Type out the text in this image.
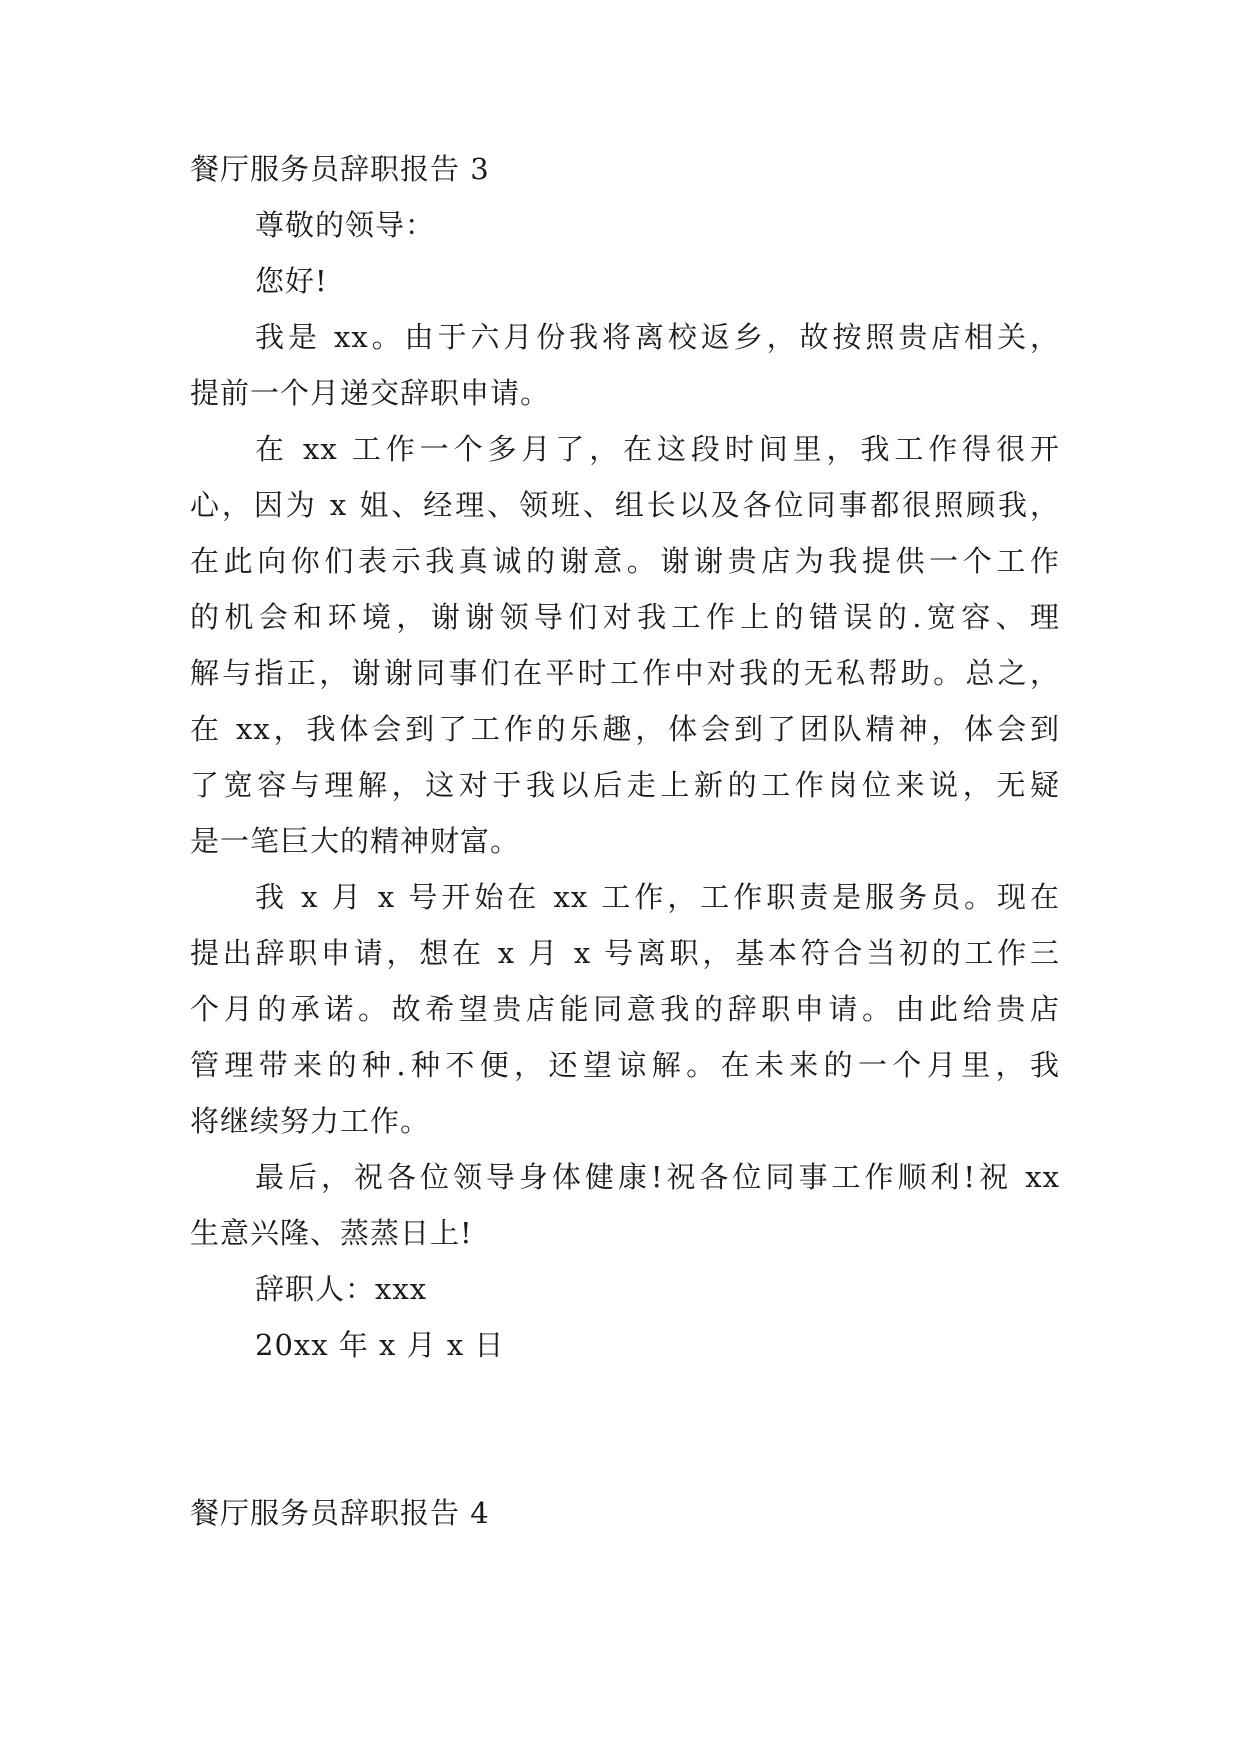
餐厅服务员辞职报告 3
尊敬的领导：
您好!
我是 xx。由于六月份我将离校返乡，故按照贵店相关，
提前一个月递交辞职申请。
在 xx 工作一个多月了，在这段时间里，我工作得很开
心，因为 x 姐、经理、领班、组长以及各位同事都很照顾我，
在此向你们表示我真诚的谢意。谢谢贵店为我提供一个工作
的机会和环境，谢谢领导们对我工作上的错误的.宽容、理
解与指正，谢谢同事们在平时工作中对我的无私帮助。总之，
在 xx，我体会到了工作的乐趣，体会到了团队精神，体会到
了宽容与理解，这对于我以后走上新的工作岗位来说，无疑
是一笔巨大的精神财富。
我 x 月 x 号开始在 xx 工作，工作职责是服务员。现在
提出辞职申请，想在 x 月 x 号离职，基本符合当初的工作三
个月的承诺。故希望贵店能同意我的辞职申请。由此给贵店
管理带来的种.种不便，还望谅解。在未来的一个月里，我
将继续努力工作。
最后，祝各位领导身体健康!祝各位同事工作顺利!祝 xx
生意兴隆、蒸蒸日上!
辞职人：xxx
20xx 年 x 月 x 日
餐厅服务员辞职报告 4
